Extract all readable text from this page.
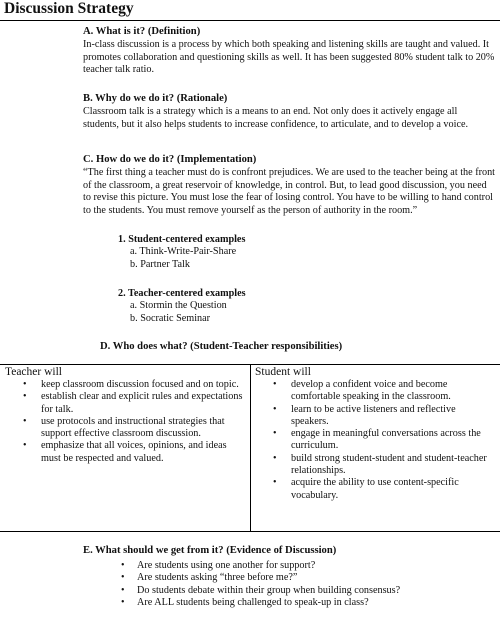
Discussion Strategy
A. What is it? (Definition)

In-class discussion is a process by which both speaking and listening skills are taught and valued. It promotes collaboration and questioning skills as well. It has been suggested 80% student talk to 20% teacher talk ratio.

B. Why do we do it? (Rationale)

Classroom talk is a strategy which is a means to an end. Not only does it actively engage all students, but it also helps students to increase confidence, to articulate, and to develop a voice.

C. How do we do it? (Implementation)

“The first thing a teacher must do is confront prejudices. We are used to the teacher being at the front of the classroom, a great reservoir of knowledge, in control. But, to lead good discussion, you need to revise this picture. You must lose the fear of losing control. You have to be willing to hand control to the students. You must remove yourself as the person of authority in the room.”

1. Student-centered examples
a. Think-Write-Pair-Share
b. Partner Talk
2. Teacher-centered examples
a. Stormin the Question
b. Socratic Seminar
D. Who does what? (Student-Teacher responsibilities)
Teacher will
• keep classroom discussion focused and on topic.
• establish clear and explicit rules and expectations for talk.
• use protocols and instructional strategies that support effective classroom discussion.
• emphasize that all voices, opinions, and ideas must be respected and valued.
Student will
• develop a confident voice and become comfortable speaking in the classroom.
• learn to be active listeners and reflective speakers.
• engage in meaningful conversations across the curriculum.
• build strong student-student and student-teacher relationships.
• acquire the ability to use content-specific vocabulary.
E. What should we get from it? (Evidence of Discussion)
• Are students using one another for support?
• Are students asking “three before me?”
• Do students debate within their group when building consensus?
• Are ALL students being challenged to speak-up in class?
